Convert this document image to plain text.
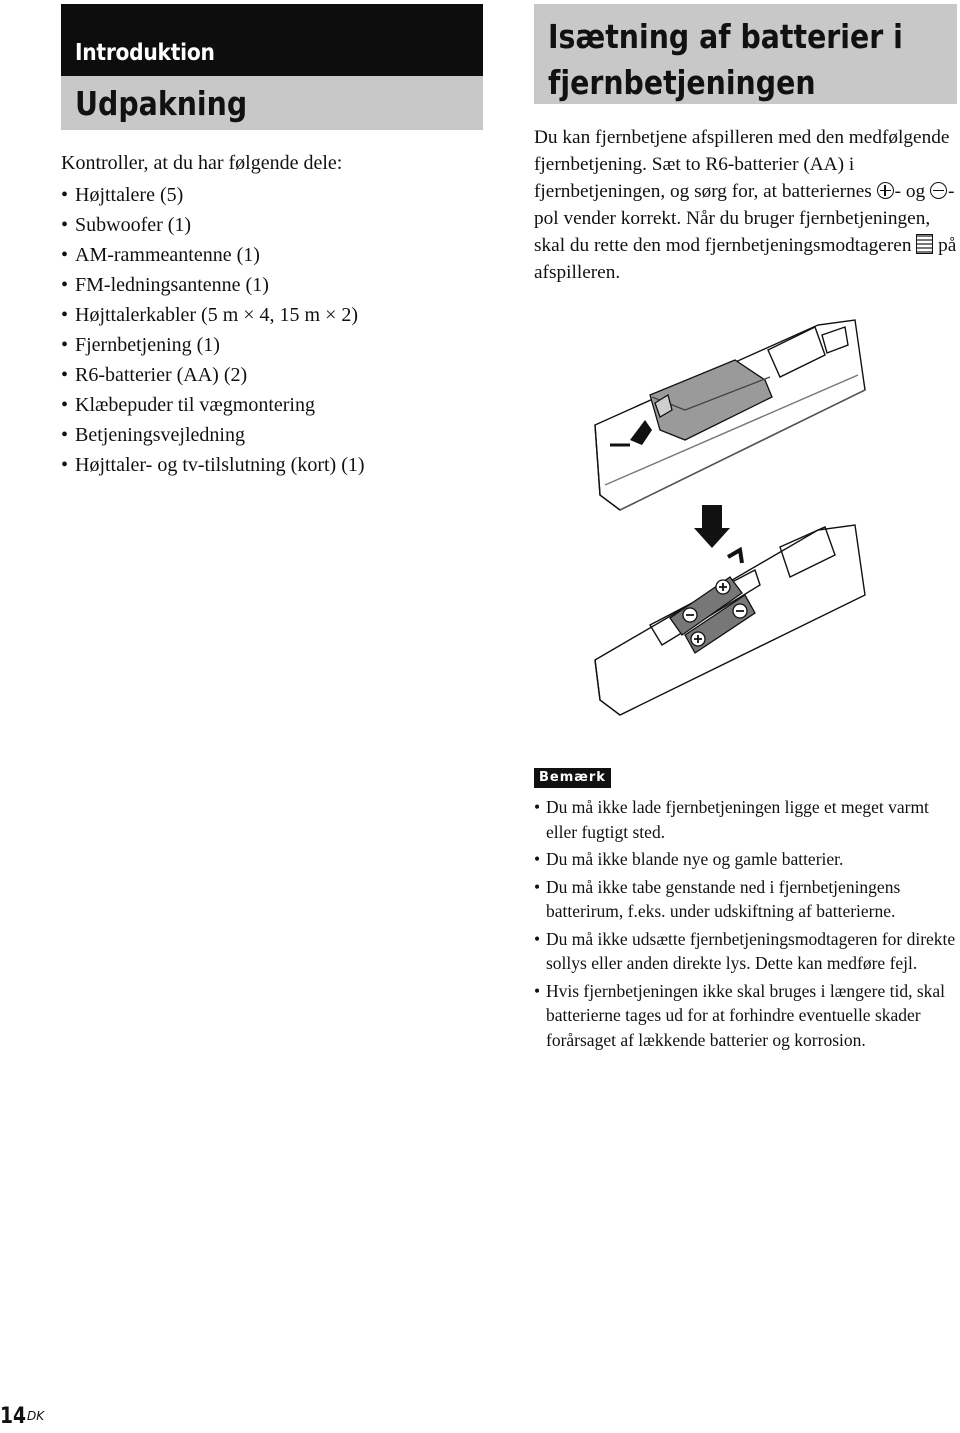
Introduktion
Udpakning
Kontroller, at du har følgende dele:
• Højttalere (5)
• Subwoofer (1)
• AM-rammeantenne (1)
• FM-ledningsantenne (1)
• Højttalerkabler (5 m × 4, 15 m × 2)
• Fjernbetjening (1)
• R6-batterier (AA) (2)
• Klæbepuder til vægmontering
• Betjeningsvejledning
• Højttaler- og tv-tilslutning (kort) (1)
Isætning af batterier i
fjernbetjeningen
Du kan fjernbetjene afspilleren med den medfølgende fjernbetjening. Sæt to R6-batterier (AA) i fjernbetjeningen, og sørg for, at batteriernes - og -pol vender korrekt. Når du bruger fjernbetjeningen, skal du rette den mod fjernbetjeningsmodtageren  på afspilleren.
Bemærk
• Du må ikke lade fjernbetjeningen ligge et meget varmt eller fugtigt sted.
• Du må ikke blande nye og gamle batterier.
• Du må ikke tabe genstande ned i fjernbetjeningens batterirum, f.eks. under udskiftning af batterierne.
• Du må ikke udsætte fjernbetjeningsmodtageren for direkte sollys eller anden direkte lys. Dette kan medføre fejl.
• Hvis fjernbetjeningen ikke skal bruges i længere tid, skal batterierne tages ud for at forhindre eventuelle skader forårsaget af lækkende batterier og korrosion.
14 DK
